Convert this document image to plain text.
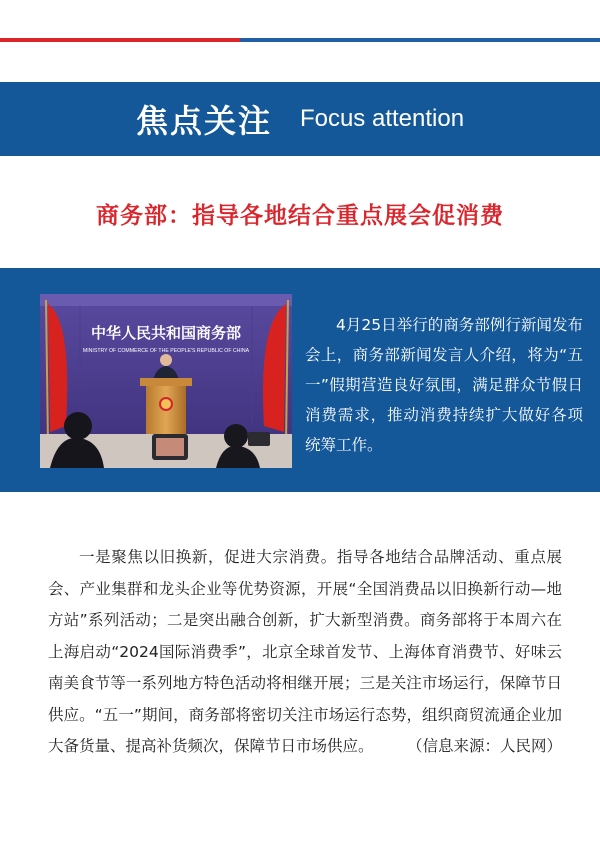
焦点关注 Focus attention
商务部：指导各地结合重点展会促消费
中华人民共和国商务部
MINISTRY OF COMMERCE OF THE PEOPLE'S REPUBLIC OF CHINA

4月25日举行的商务部例行新闻发布会上，商务部新闻发言人介绍，将为“五一”假期营造良好氛围，满足群众节假日消费需求，推动消费持续扩大做好各项统筹工作。

一是聚焦以旧换新，促进大宗消费。指导各地结合品牌活动、重点展会、产业集群和龙头企业等优势资源，开展“全国消费品以旧换新行动—地方站”系列活动；二是突出融合创新，扩大新型消费。商务部将于本周六在上海启动“2024国际消费季”，北京全球首发节、上海体育消费节、好味云南美食节等一系列地方特色活动将相继开展；三是关注市场运行，保障节日供应。“五一”期间，商务部将密切关注市场运行态势，组织商贸流通企业加大备货量、提高补货频次，保障节日市场供应。 （信息来源：人民网）
